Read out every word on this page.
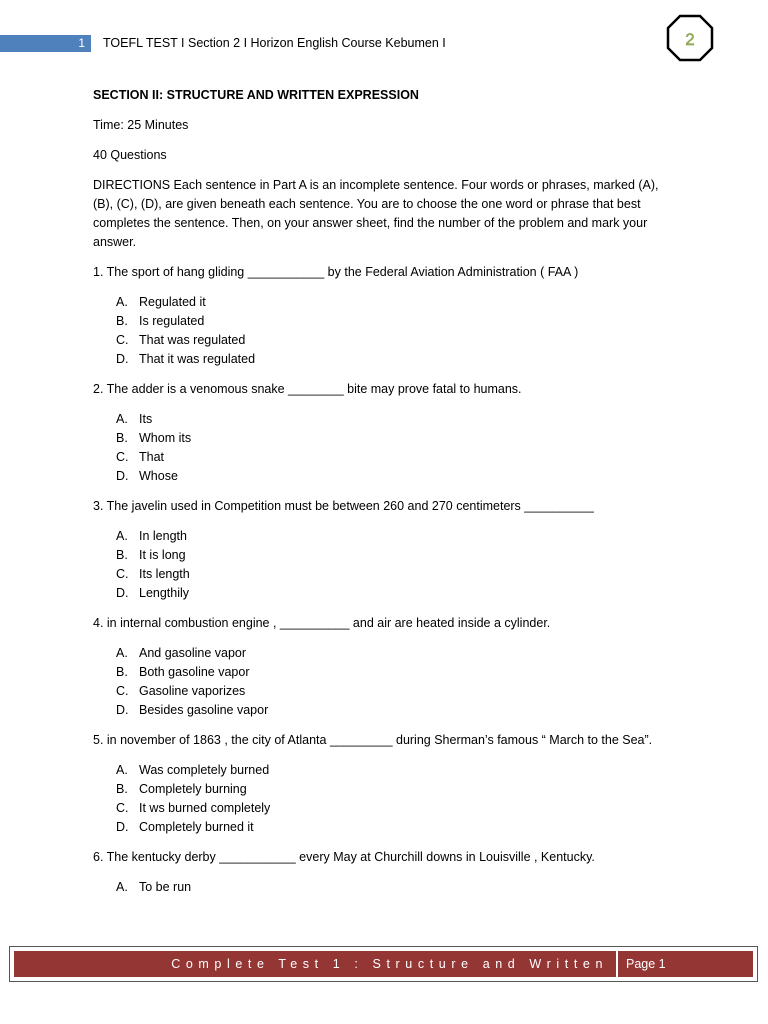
1	TOEFL TEST I Section 2 I Horizon English Course Kebumen I	2

SECTION II: STRUCTURE AND WRITTEN EXPRESSION

Time: 25 Minutes

40 Questions

DIRECTIONS Each sentence in Part A is an incomplete sentence. Four words or phrases, marked (A), (B), (C), (D), are given beneath each sentence. You are to choose the one word or phrase that best completes the sentence. Then, on your answer sheet, find the number of the problem and mark your answer.

1. The sport of hang gliding ___________ by the Federal Aviation Administration ( FAA )

A. Regulated it
B. Is regulated
C. That was regulated
D. That it was regulated

2. The adder is a venomous snake ________ bite may prove fatal to humans.

A. Its
B. Whom its
C. That
D. Whose

3. The javelin used in Competition must be between 260 and 270 centimeters __________

A. In length
B. It is long
C. Its length
D. Lengthily

4. in internal combustion engine , __________ and air are heated inside a cylinder.

A. And gasoline vapor
B. Both gasoline vapor
C. Gasoline vaporizes
D. Besides gasoline vapor

5. in november of 1863 , the city of Atlanta _________ during Sherman’s famous “ March to the Sea”.

A. Was completely burned
B. Completely burning
C. It ws burned completely
D. Completely burned it

6. The kentucky derby ___________ every May at Churchill downs in Louisville , Kentucky.

A. To be run
Complete Test 1 : Structure and Written	Page 1
